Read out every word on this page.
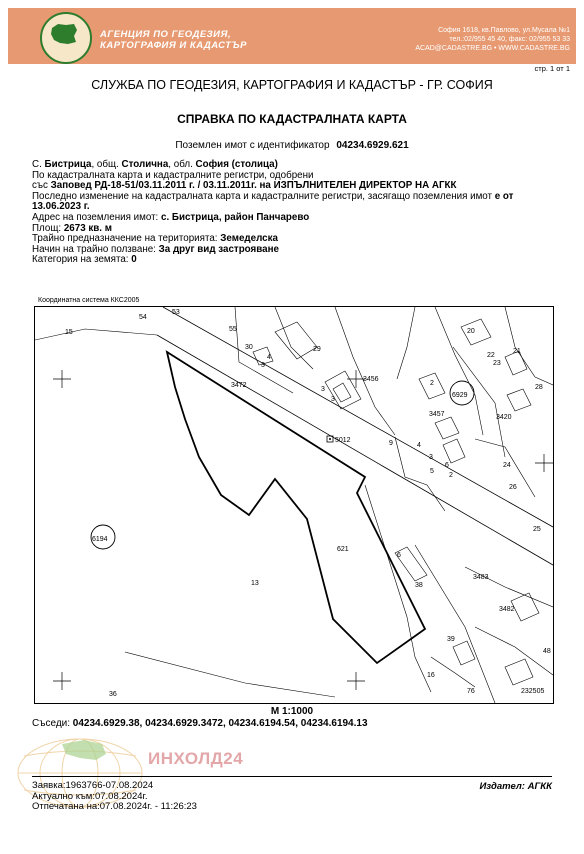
АГЕНЦИЯ ПО ГЕОДЕЗИЯ,
КАРТОГРАФИЯ И КАДАСТЪР
София 1618, кв.Павлово, ул.Мусала №1
тел.:02/955 45 40, факс: 02/955 53 33
ACAD@CADASTRE.BG • WWW.CADASTRE.BG
стр. 1 от 1
СЛУЖБА ПО ГЕОДЕЗИЯ, КАРТОГРАФИЯ И КАДАСТЪР - ГР. СОФИЯ
СПРАВКА ПО КАДАСТРАЛНАТА КАРТА
Поземлен имот с идентификатор 04234.6929.621
С. Бистрица, общ. Столична, обл. София (столица)
По кадастралната карта и кадастралните регистри, одобрени
със Заповед РД-18-51/03.11.2011 г. / 03.11.2011г. на ИЗПЪЛНИТЕЛЕН ДИРЕКТОР НА АГКК
Последно изменение на кадастралната карта и кадастралните регистри, засягащо поземления имот е от
13.06.2023 г.
Адрес на поземления имот: с. Бистрица, район Панчарево
Площ: 2673 кв. м
Трайно предназначение на територията: Земеделска
Начин на трайно ползване: За друг вид застрояване
Категория на земята: 0
Координатна система ККС2005
15
54
53
55
30
4
3
29
20
22
21
23
28
3472
3456
2
3
3
3457
6929
3420
5012	9	4
3
5
6
2
24
26
25
6194
621
6
13	38
3483
3482
39
48
36
16
76	232505
М 1:1000
Съседи: 04234.6929.38, 04234.6929.3472, 04234.6194.54, 04234.6194.13
ИНХОЛД24
Заявка:1963766-07.08.2024
Актуално към:07.08.2024г.
Отпечатана на:07.08.2024г. - 11:26:23
Издател: АГКК
